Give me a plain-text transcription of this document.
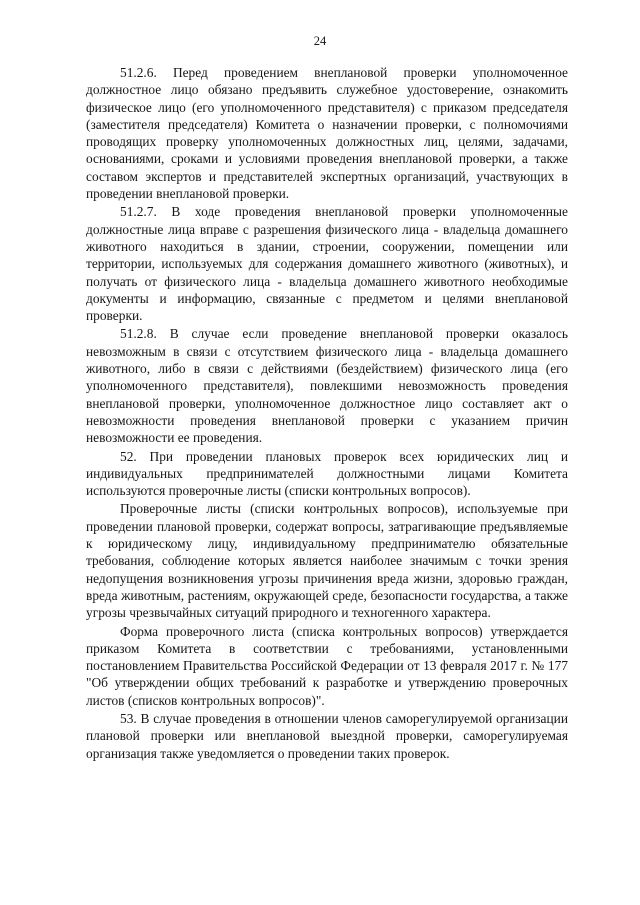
24

51.2.6. Перед проведением внеплановой проверки уполномоченное должностное лицо обязано предъявить служебное удостоверение, ознакомить физическое лицо (его уполномоченного представителя) с приказом председателя (заместителя председателя) Комитета о назначении проверки, с полномочиями проводящих проверку уполномоченных должностных лиц, целями, задачами, основаниями, сроками и условиями проведения внеплановой проверки, а также составом экспертов и представителей экспертных организаций, участвующих в проведении внеплановой проверки.

51.2.7. В ходе проведения внеплановой проверки уполномоченные должностные лица вправе с разрешения физического лица - владельца домашнего животного находиться в здании, строении, сооружении, помещении или территории, используемых для содержания домашнего животного (животных), и получать от физического лица - владельца домашнего животного необходимые документы и информацию, связанные с предметом и целями внеплановой проверки.

51.2.8. В случае если проведение внеплановой проверки оказалось невозможным в связи с отсутствием физического лица - владельца домашнего животного, либо в связи с действиями (бездействием) физического лица (его уполномоченного представителя), повлекшими невозможность проведения внеплановой проверки, уполномоченное должностное лицо составляет акт о невозможности проведения внеплановой проверки с указанием причин невозможности ее проведения.

52. При проведении плановых проверок всех юридических лиц и индивидуальных предпринимателей должностными лицами Комитета используются проверочные листы (списки контрольных вопросов).

Проверочные листы (списки контрольных вопросов), используемые при проведении плановой проверки, содержат вопросы, затрагивающие предъявляемые к юридическому лицу, индивидуальному предпринимателю обязательные требования, соблюдение которых является наиболее значимым с точки зрения недопущения возникновения угрозы причинения вреда жизни, здоровью граждан, вреда животным, растениям, окружающей среде, безопасности государства, а также угрозы чрезвычайных ситуаций природного и техногенного характера.

Форма проверочного листа (списка контрольных вопросов) утверждается приказом Комитета в соответствии с требованиями, установленными постановлением Правительства Российской Федерации от 13 февраля 2017 г. № 177 "Об утверждении общих требований к разработке и утверждению проверочных листов (списков контрольных вопросов)".

53. В случае проведения в отношении членов саморегулируемой организации плановой проверки или внеплановой выездной проверки, саморегулируемая организация также уведомляется о проведении таких проверок.
